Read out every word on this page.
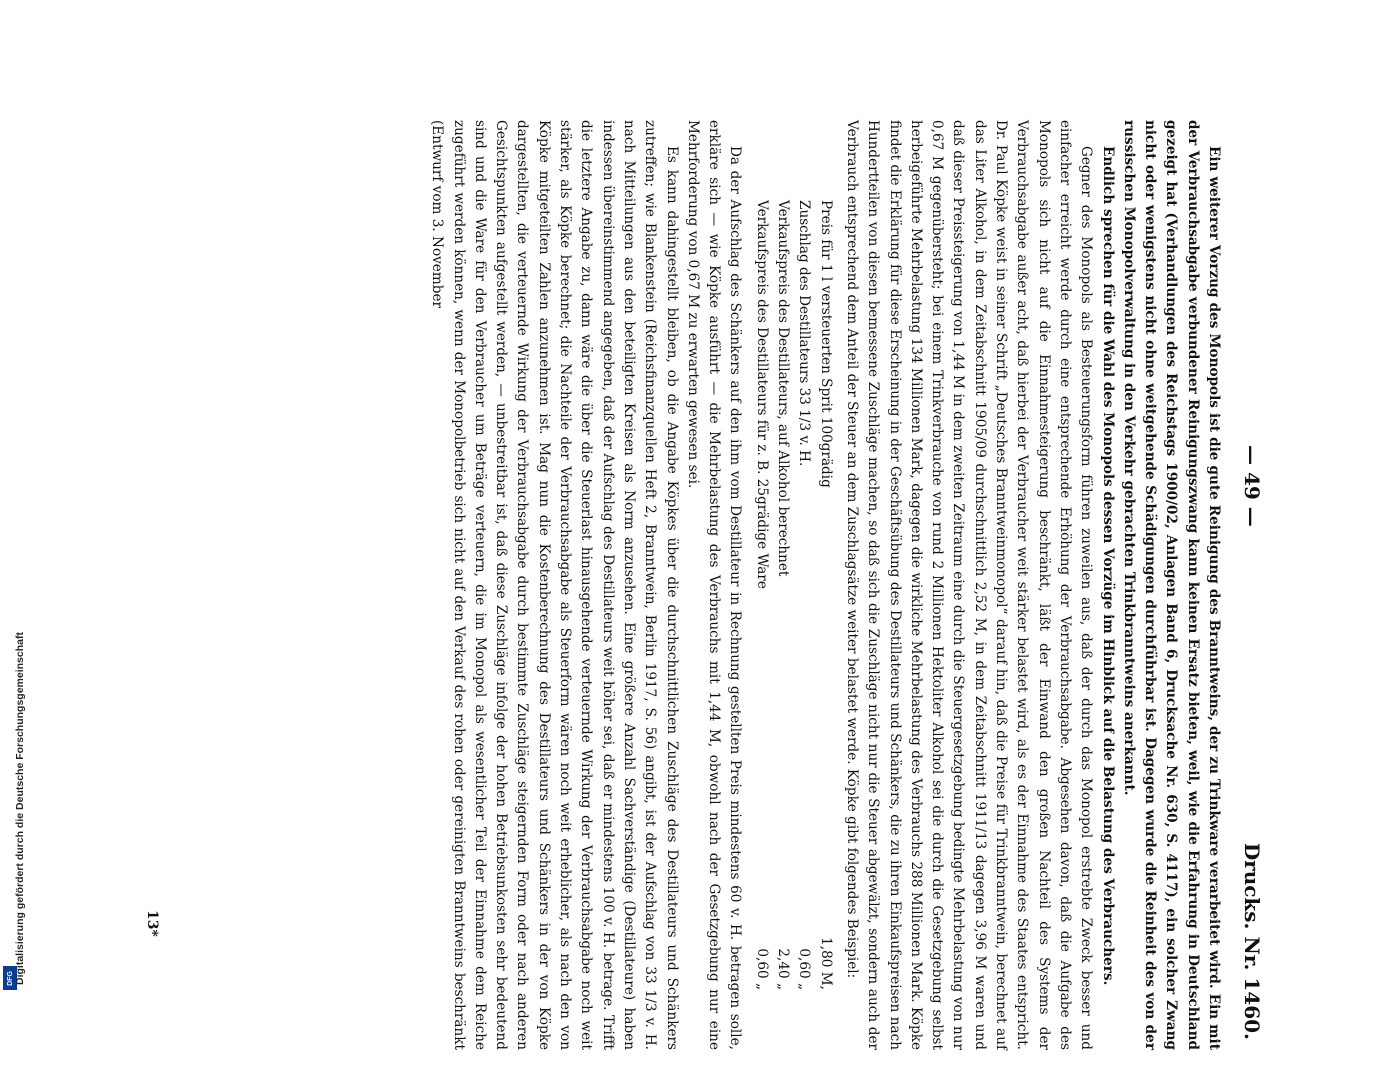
DFG Digitalisierung gefördert durch die Deutsche Forschungsgemeinschaft
— 49 —
Drucks. Nr. 1460.

Ein weiterer Vorzug des Monopols ist die gute Reinigung des Branntweins, der zu Trinkware verarbeitet wird. Ein mit der Verbrauchsabgabe verbundener Reinigungszwang kann keinen Ersatz bieten, weil, wie die Erfahrung in Deutschland gezeigt hat (Verhandlungen des Reichstags 1900/02, Anlagen Band 6, Drucksache Nr. 630, S. 4117), ein solcher Zwang nicht oder wenigstens nicht ohne weitgehende Schädigungen durchführbar ist. Dagegen wurde die Reinheit des von der russischen Monopolverwaltung in den Verkehr gebrachten Trinkbranntweins anerkannt.

Endlich sprechen für die Wahl des Monopols dessen Vorzüge im Hinblick auf die Belastung des Verbrauchers.

Gegner des Monopols als Besteuerungsform führen zuweilen aus, daß der durch das Monopol erstrebte Zweck besser und einfacher erreicht werde durch eine entsprechende Erhöhung der Verbrauchsabgabe. Abgesehen davon, daß die Aufgabe des Monopols sich nicht auf die Einnahmesteigerung beschränkt, läßt der Einwand den großen Nachteil des Systems der Verbrauchsabgabe außer acht, daß hierbei der Verbraucher weit stärker belastet wird, als es der Einnahme des Staates entspricht. Dr. Paul Köpke weist in seiner Schrift „Deutsches Branntweinmonopol“ darauf hin, daß die Preise für Trinkbranntwein, berechnet auf das Liter Alkohol, in dem Zeitabschnitt 1905/09 durchschnittlich 2,52 M, in dem Zeitabschnitt 1911/13 dagegen 3,96 M waren und daß dieser Preissteigerung von 1,44 M in dem zweiten Zeitraum eine durch die Steuergesetzgebung bedingte Mehrbelastung von nur 0,67 M gegenübersteht; bei einem Trinkverbrauche von rund 2 Millionen Hektoliter Alkohol sei die durch die Gesetzgebung selbst herbeigeführte Mehrbelastung 134 Millionen Mark, dagegen die wirkliche Mehrbelastung des Verbrauchs 288 Millionen Mark. Köpke findet die Erklärung für diese Erscheinung in der Geschäftsübung des Destillateurs und Schänkers, die zu ihren Einkaufspreisen nach Hundertteilen von diesen bemessene Zuschläge machen, so daß sich die Zuschläge nicht nur die Steuer abgewälzt, sondern auch der Verbrauch entsprechend dem Anteil der Steuer an dem Zuschlagsätze weiter belastet werde. Köpke gibt folgendes Beispiel:

Preis für 1 l versteuerten Sprit 100grädig
1,80 M,
Zuschlag des Destillateurs 33 1/3 v. H.
0,60 „
Verkaufspreis des Destillateurs, auf Alkohol berechnet
2,40 „
Verkaufspreis des Destillateurs für z. B. 25grädige Ware
0,60 „

Da der Aufschlag des Schänkers auf den ihm vom Destillateur in Rechnung gestellten Preis mindestens 60 v. H. betragen solle, erkläre sich — wie Köpke ausführt — die Mehrbelastung des Verbrauchs mit 1,44 M, obwohl nach der Gesetzgebung nur eine Mehrforderung von 0,67 M zu erwarten gewesen sei.

Es kann dahingestellt bleiben, ob die Angabe Köpkes über die durchschnittlichen Zuschläge des Destillateurs und Schänkers zutreffen; wie Blankenstein (Reichsfinanzquellen Heft 2, Branntwein, Berlin 1917, S. 56) angibt, ist der Aufschlag von 33 1/3 v. H. nach Mitteilungen aus den beteiligten Kreisen als Norm anzusehen. Eine größere Anzahl Sachverständige (Destillateure) haben indessen übereinstimmend angegeben, daß der Aufschlag des Destillateurs weit höher sei, daß er mindestens 100 v. H. betrage. Trifft die letztere Angabe zu, dann wäre die über die Steuerlast hinausgehende verteuernde Wirkung der Verbrauchsabgabe noch weit stärker, als Köpke berechnet; die Nachteile der Verbrauchsabgabe als Steuerform wären noch weit erheblicher, als nach den von Köpke mitgeteilten Zahlen anzunehmen ist. Mag nun die Kostenberechnung des Destillateurs und Schänkers in der von Köpke dargestellten, die verteuernde Wirkung der Verbrauchsabgabe durch bestimmte Zuschläge steigernden Form oder nach anderen Gesichtspunkten aufgestellt werden, — unbestreitbar ist, daß diese Zuschläge infolge der hohen Betriebsunkosten sehr bedeutend sind und die Ware für den Verbraucher um Beträge verteuern, die im Monopol als wesentlicher Teil der Einnahme dem Reiche zugeführt werden können, wenn der Monopolbetrieb sich nicht auf den Verkauf des rohen oder gereinigten Branntweins beschränkt (Entwurf vom 3. November

13*
